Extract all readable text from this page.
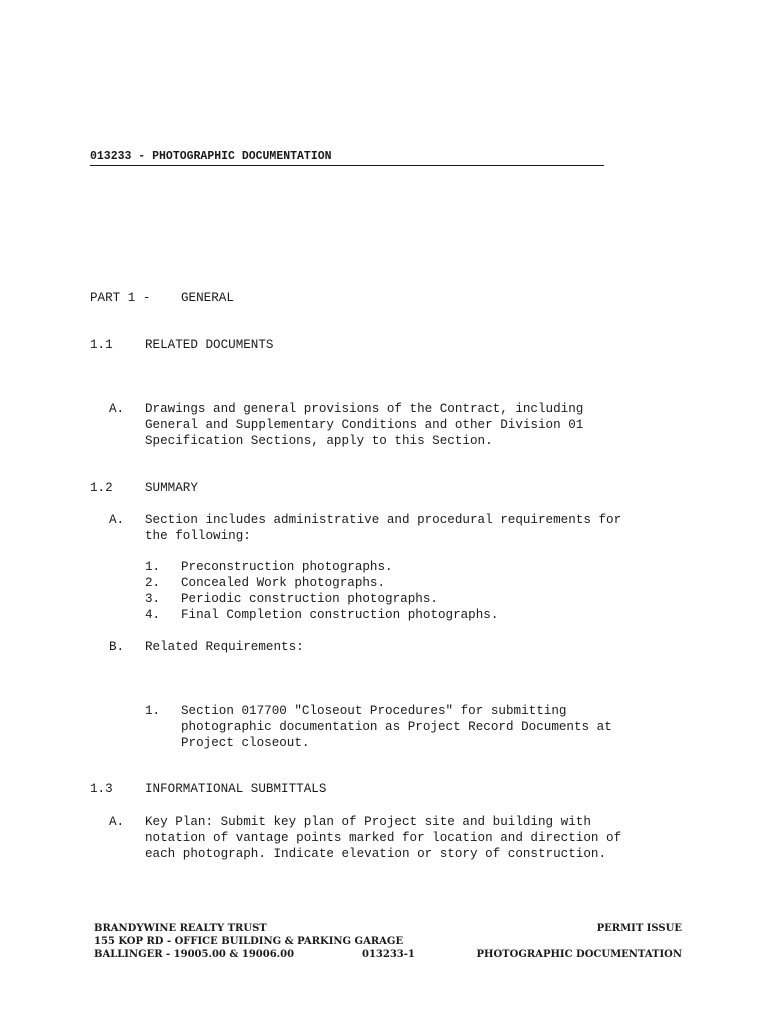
013233 - PHOTOGRAPHIC DOCUMENTATION
PART 1 - GENERAL
1.1	RELATED DOCUMENTS
A. Drawings and general provisions of the Contract, including
General and Supplementary Conditions and other Division 01
Specification Sections, apply to this Section.
1.2	SUMMARY
A. Section includes administrative and procedural requirements for
the following:
1. Preconstruction photographs.
2. Concealed Work photographs.
3. Periodic construction photographs.
4. Final Completion construction photographs.
B. Related Requirements:
1. Section 017700 "Closeout Procedures" for submitting
photographic documentation as Project Record Documents at
Project closeout.
1.3	INFORMATIONAL SUBMITTALS
A. Key Plan: Submit key plan of Project site and building with
notation of vantage points marked for location and direction of
each photograph. Indicate elevation or story of construction.
BRANDYWINE REALTY TRUST
155 KOP RD - OFFICE BUILDING & PARKING GARAGE
BALLINGER - 19005.00 & 19006.00	013233-1
PERMIT ISSUE
PHOTOGRAPHIC DOCUMENTATION
